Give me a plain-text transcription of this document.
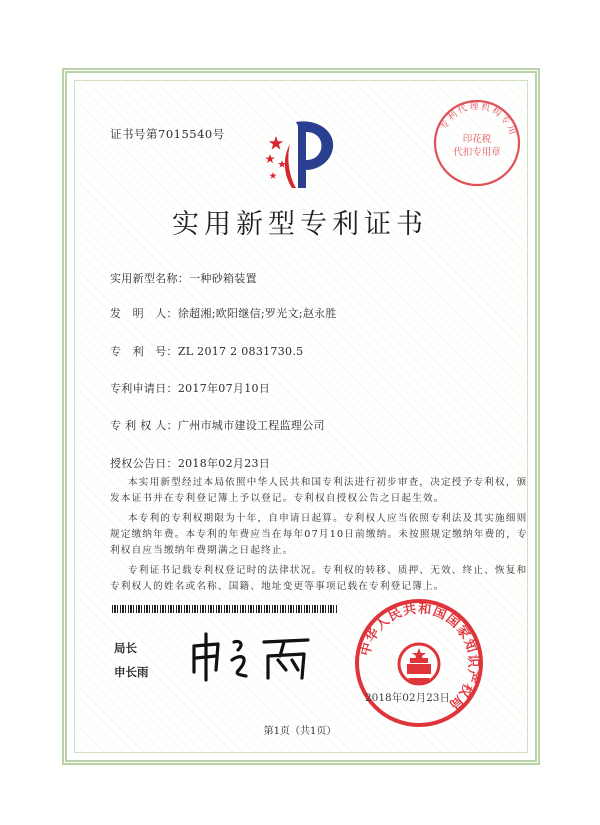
证书号第7015540号
专利代理机构专用
印花税
代扣专用章
实用新型专利证书
实用新型名称：一种砂箱装置
发　明　人：徐超湘;欧阳继信;罗光文;赵永胜
专　利　号：ZL 2017 2 0831730.5
专利申请日：2017年07月10日
专 利 权 人：广州市城市建设工程监理公司
授权公告日：2018年02月23日
本实用新型经过本局依照中华人民共和国专利法进行初步审查，决定授予专利权，颁
发本证书并在专利登记簿上予以登记。专利权自授权公告之日起生效。
本专利的专利权期限为十年，自申请日起算。专利权人应当依照专利法及其实施细则
规定缴纳年费。本专利的年费应当在每年07月10日前缴纳。未按照规定缴纳年费的，专
利权自应当缴纳年费期满之日起终止。
专利证书记载专利权登记时的法律状况。专利权的转移、质押、无效、终止、恢复和
专利权人的姓名或名称、国籍、地址变更等事项记载在专利登记簿上。
局长
申长雨
中华人民共和国国家知识产权局
2018年02月23日
第1页（共1页）
